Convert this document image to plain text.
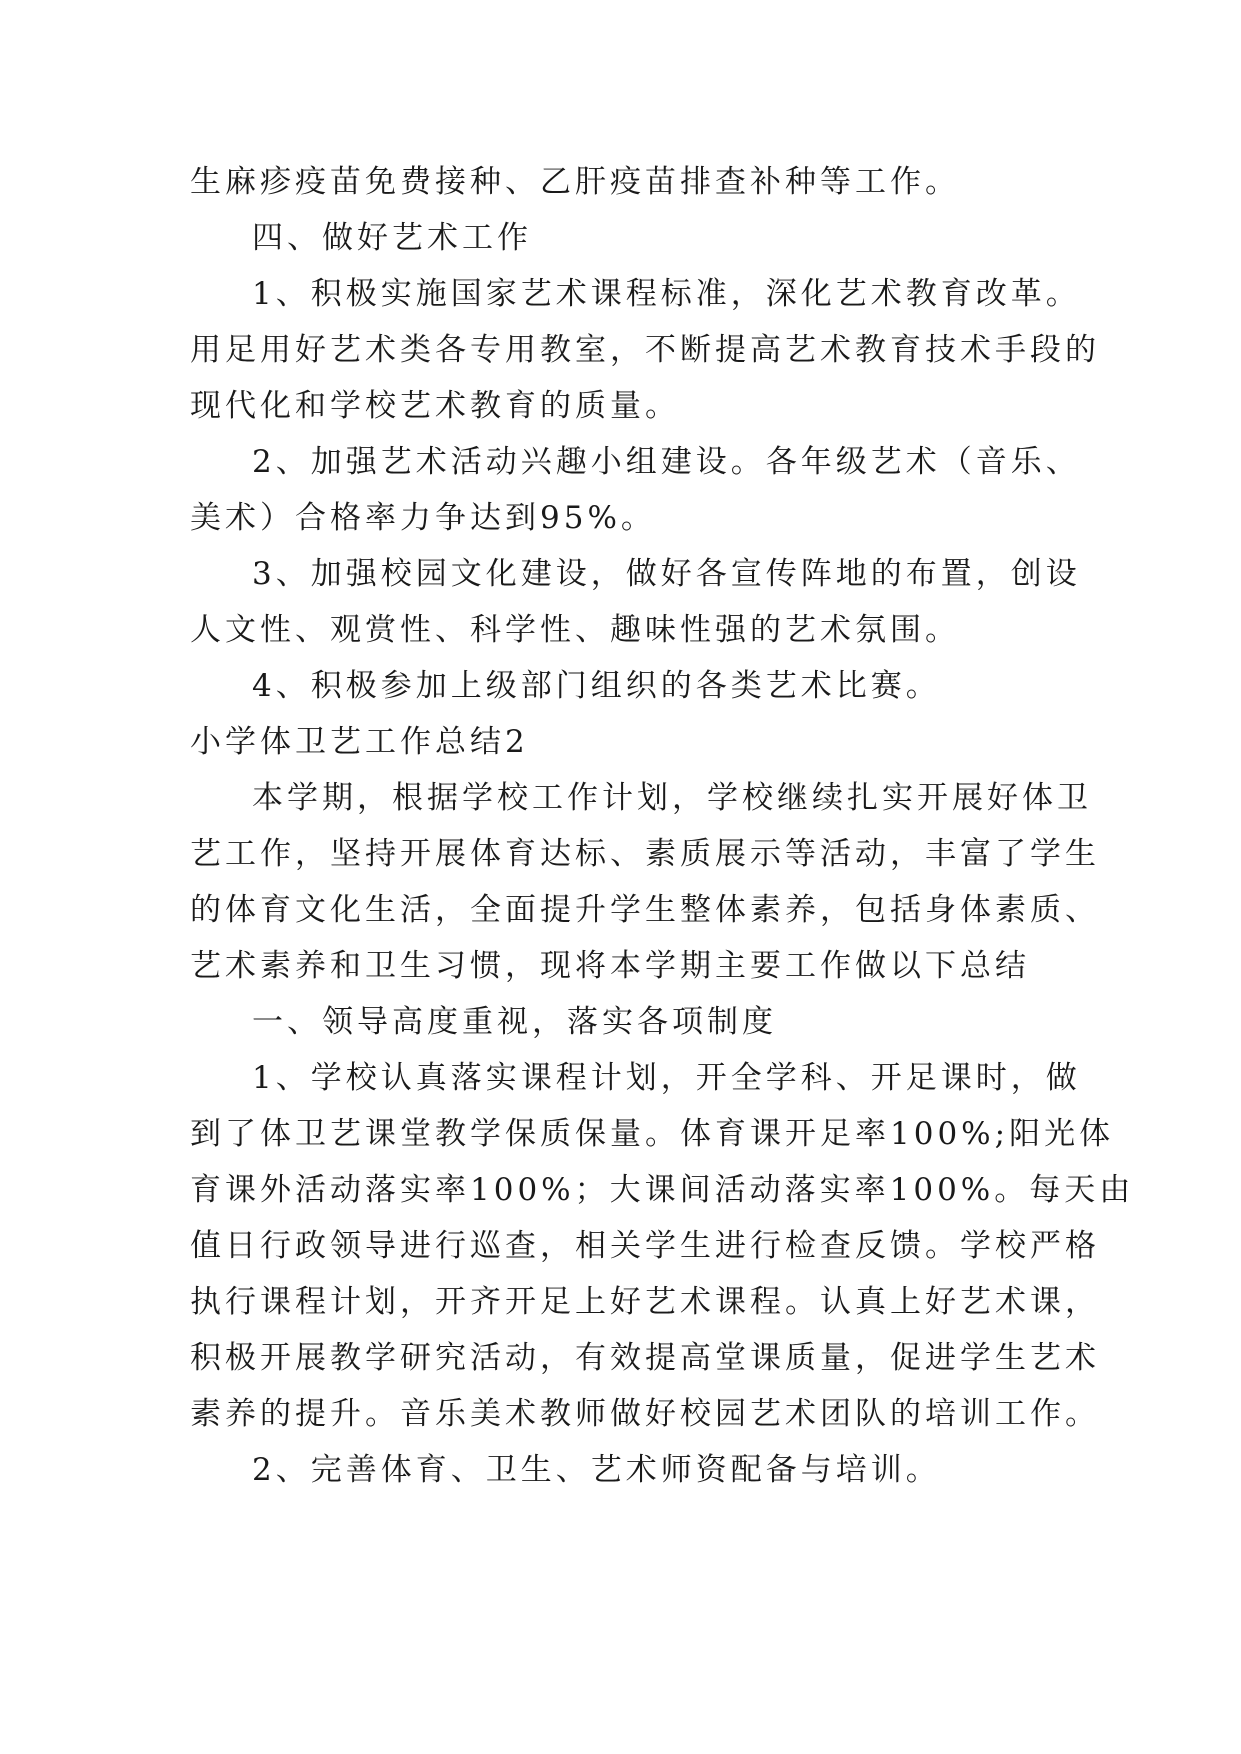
生麻疹疫苗免费接种、乙肝疫苗排查补种等工作。

四、做好艺术工作

1、积极实施国家艺术课程标准，深化艺术教育改革。

用足用好艺术类各专用教室，不断提高艺术教育技术手段的

现代化和学校艺术教育的质量。

2、加强艺术活动兴趣小组建设。各年级艺术（音乐、

美术）合格率力争达到95%。

3、加强校园文化建设，做好各宣传阵地的布置，创设

人文性、观赏性、科学性、趣味性强的艺术氛围。

4、积极参加上级部门组织的各类艺术比赛。

小学体卫艺工作总结2

本学期，根据学校工作计划，学校继续扎实开展好体卫

艺工作，坚持开展体育达标、素质展示等活动，丰富了学生

的体育文化生活，全面提升学生整体素养，包括身体素质、

艺术素养和卫生习惯，现将本学期主要工作做以下总结

一、领导高度重视，落实各项制度

1、学校认真落实课程计划，开全学科、开足课时，做

到了体卫艺课堂教学保质保量。体育课开足率100%;阳光体

育课外活动落实率100%；大课间活动落实率100%。每天由

值日行政领导进行巡查，相关学生进行检查反馈。学校严格

执行课程计划，开齐开足上好艺术课程。认真上好艺术课，

积极开展教学研究活动，有效提高堂课质量，促进学生艺术

素养的提升。音乐美术教师做好校园艺术团队的培训工作。

2、完善体育、卫生、艺术师资配备与培训。
